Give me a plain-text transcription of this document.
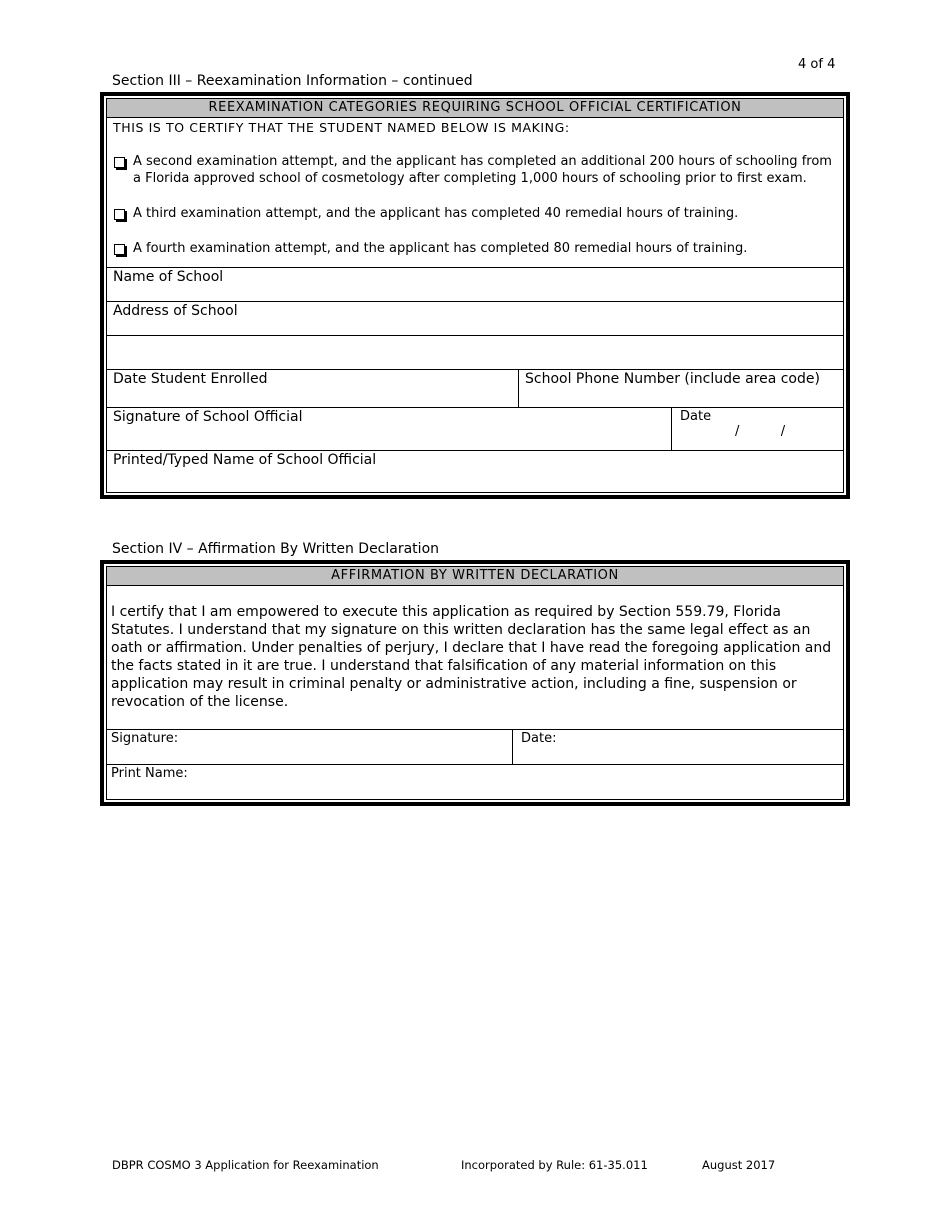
4 of 4
Section III – Reexamination Information – continued
REEXAMINATION CATEGORIES REQUIRING SCHOOL OFFICIAL CERTIFICATION
THIS IS TO CERTIFY THAT THE STUDENT NAMED BELOW IS MAKING:
A second examination attempt, and the applicant has completed an additional 200 hours of schooling from a Florida approved school of cosmetology after completing 1,000 hours of schooling prior to first exam.
A third examination attempt, and the applicant has completed 40 remedial hours of training.
A fourth examination attempt, and the applicant has completed 80 remedial hours of training.
Name of School
Address of School
Date Student Enrolled	School Phone Number (include area code)
Signature of School Official	Date
/          /
Printed/Typed Name of School Official
Section IV – Affirmation By Written Declaration
AFFIRMATION BY WRITTEN DECLARATION
I certify that I am empowered to execute this application as required by Section 559.79, Florida Statutes. I understand that my signature on this written declaration has the same legal effect as an oath or affirmation. Under penalties of perjury, I declare that I have read the foregoing application and the facts stated in it are true. I understand that falsification of any material information on this application may result in criminal penalty or administrative action, including a fine, suspension or revocation of the license.
Signature:	Date:
Print Name:
DBPR COSMO 3 Application for Reexamination	Incorporated by Rule: 61-35.011	August 2017
